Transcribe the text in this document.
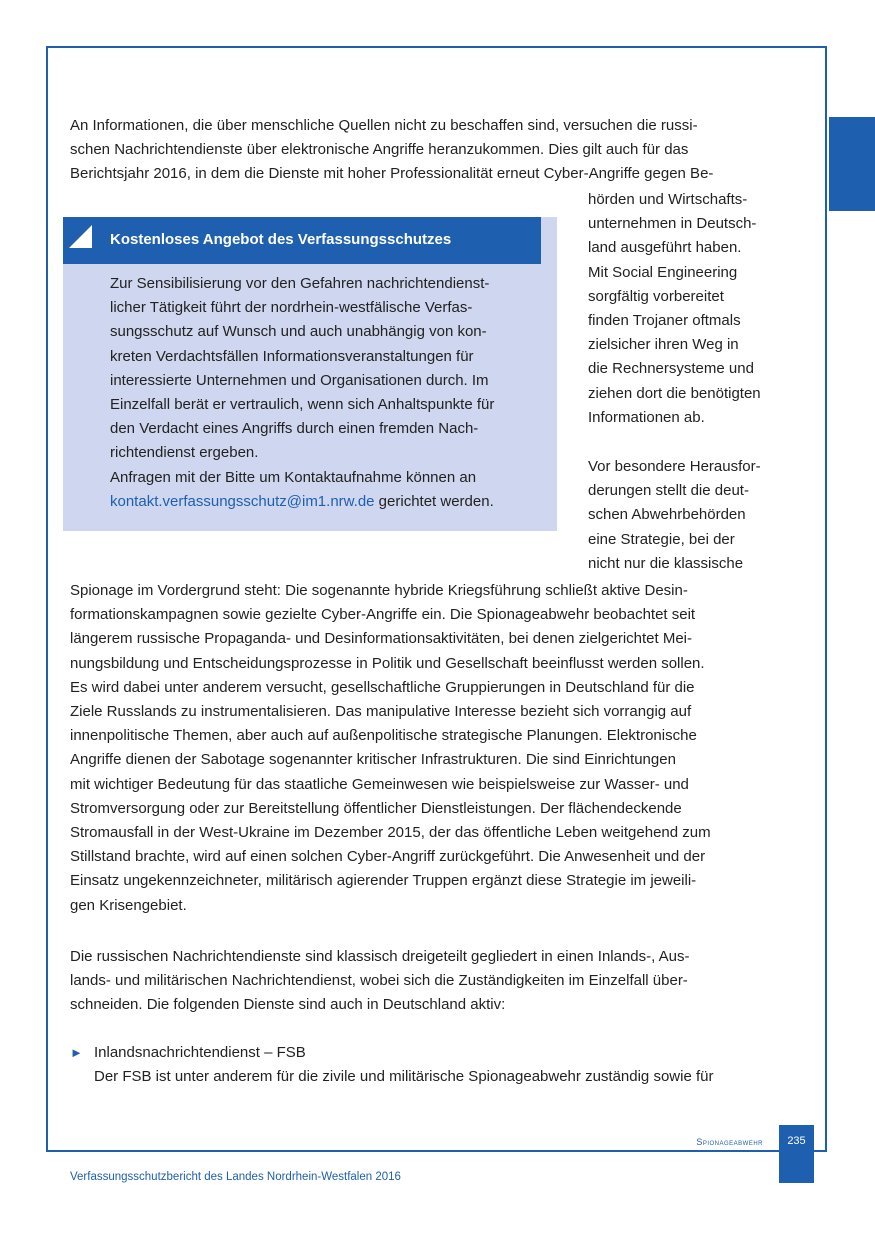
An Informationen, die über menschliche Quellen nicht zu beschaffen sind, versuchen die russi-
schen Nachrichtendienste über elektronische Angriffe heranzukommen. Dies gilt auch für das
Berichtsjahr 2016, in dem die Dienste mit hoher Professionalität erneut Cyber-Angriffe gegen Be-

Kostenloses Angebot des Verfassungsschutzes

Zur Sensibilisierung vor den Gefahren nachrichtendienst-
licher Tätigkeit führt der nordrhein-westfälische Verfas-
sungsschutz auf Wunsch und auch unabhängig von kon-
kreten Verdachtsfällen Informationsveranstaltungen für
interessierte Unternehmen und Organisationen durch. Im
Einzelfall berät er vertraulich, wenn sich Anhaltspunkte für
den Verdacht eines Angriffs durch einen fremden Nach-
richtendienst ergeben.
Anfragen mit der Bitte um Kontaktaufnahme können an
kontakt.verfassungsschutz@im1.nrw.de gerichtet werden.

hörden und Wirtschafts-
unternehmen in Deutsch-
land ausgeführt haben.
Mit Social Engineering
sorgfältig vorbereitet
finden Trojaner oftmals
zielsicher ihren Weg in
die Rechnersysteme und
ziehen dort die benötigten
Informationen ab.

Vor besondere Herausfor-
derungen stellt die deut-
schen Abwehrbehörden
eine Strategie, bei der
nicht nur die klassische

Spionage im Vordergrund steht: Die sogenannte hybride Kriegsführung schließt aktive Desin-
formationskampagnen sowie gezielte Cyber-Angriffe ein. Die Spionageabwehr beobachtet seit
längerem russische Propaganda- und Desinformationsaktivitäten, bei denen zielgerichtet Mei-
nungsbildung und Entscheidungsprozesse in Politik und Gesellschaft beeinflusst werden sollen.
Es wird dabei unter anderem versucht, gesellschaftliche Gruppierungen in Deutschland für die
Ziele Russlands zu instrumentalisieren. Das manipulative Interesse bezieht sich vorrangig auf
innenpolitische Themen, aber auch auf außenpolitische strategische Planungen. Elektronische
Angriffe dienen der Sabotage sogenannter kritischer Infrastrukturen. Die sind Einrichtungen
mit wichtiger Bedeutung für das staatliche Gemeinwesen wie beispielsweise zur Wasser- und
Stromversorgung oder zur Bereitstellung öffentlicher Dienstleistungen. Der flächendeckende
Stromausfall in der West-Ukraine im Dezember 2015, der das öffentliche Leben weitgehend zum
Stillstand brachte, wird auf einen solchen Cyber-Angriff zurückgeführt. Die Anwesenheit und der
Einsatz ungekennzeichneter, militärisch agierender Truppen ergänzt diese Strategie im jeweili-
gen Krisengebiet.

Die russischen Nachrichtendienste sind klassisch dreigeteilt gegliedert in einen Inlands-, Aus-
lands- und militärischen Nachrichtendienst, wobei sich die Zuständigkeiten im Einzelfall über-
schneiden. Die folgenden Dienste sind auch in Deutschland aktiv:

► Inlandsnachrichtendienst – FSB

Der FSB ist unter anderem für die zivile und militärische Spionageabwehr zuständig sowie für

Spionageabwehr	235
Verfassungsschutzbericht des Landes Nordrhein-Westfalen 2016
